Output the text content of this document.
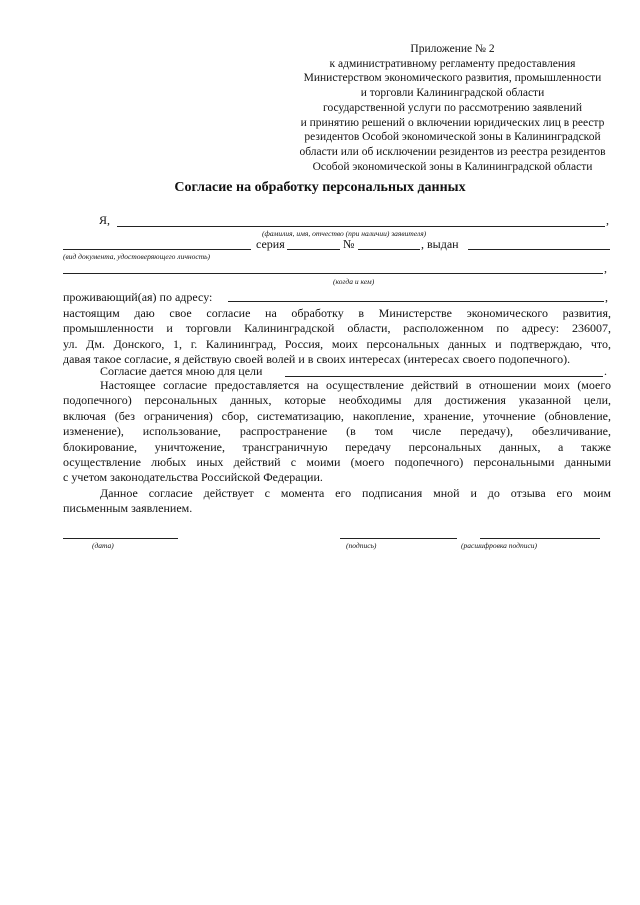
Приложение № 2
к административному регламенту предоставления
Министерством экономического развития, промышленности
и торговли Калининградской области
государственной услуги по рассмотрению заявлений
и принятию решений о включении юридических лиц в реестр
резидентов Особой экономической зоны в Калининградской
области или об исключении резидентов из реестра резидентов
Особой экономической зоны в Калининградской области
Согласие на обработку персональных данных
Я,	,
(фамилия, имя, отчество (при наличии) заявителя)
серия	№	, выдан
(вид документа, удостоверяющего личность)
,
(когда и кем)
проживающий(ая) по адресу:	,
настоящим даю свое согласие на обработку в Министерстве экономического развития,
промышленности и торговли Калининградской области, расположенном по адресу: 236007,
ул. Дм. Донского, 1, г. Калининград, Россия, моих персональных данных и подтверждаю, что,
давая такое согласие, я действую своей волей и в своих интересах (интересах своего подопечного).
Согласие дается мною для цели	.
Настоящее согласие предоставляется на осуществление действий в отношении моих (моего
подопечного) персональных данных, которые необходимы для достижения указанной цели,
включая (без ограничения) сбор, систематизацию, накопление, хранение, уточнение (обновление,
изменение), использование, распространение (в том числе передачу), обезличивание,
блокирование, уничтожение, трансграничную передачу персональных данных, а также
осуществление любых иных действий с моими (моего подопечного) персональными данными
с учетом законодательства Российской Федерации.
Данное согласие действует с момента его подписания мной и до отзыва его моим
письменным заявлением.
(дата)	(подпись)	(расшифровка подписи)
